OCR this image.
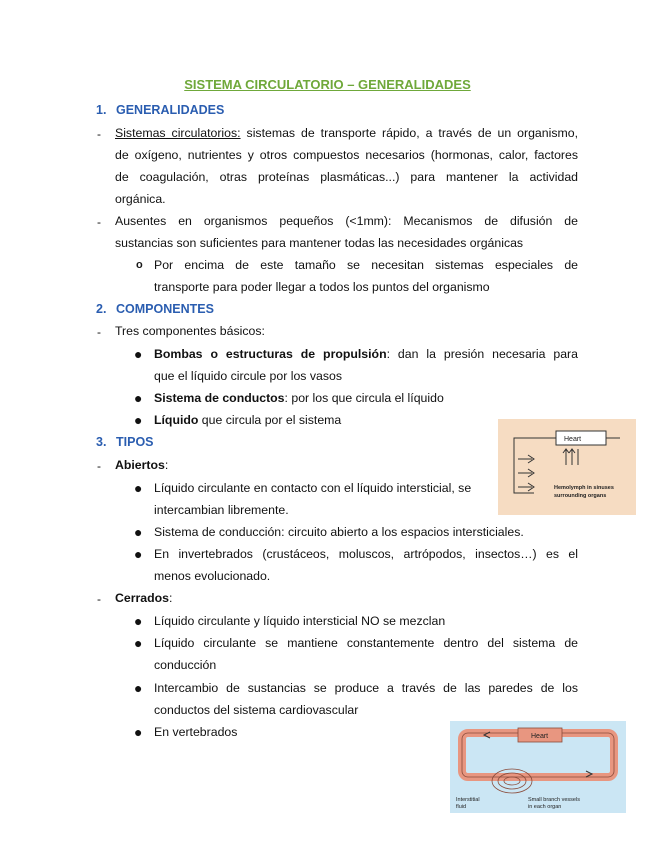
SISTEMA CIRCULATORIO – GENERALIDADES
1. GENERALIDADES
- Sistemas circulatorios: sistemas de transporte rápido, a través de un organismo,
de oxígeno, nutrientes y otros compuestos necesarios (hormonas, calor, factores
de coagulación, otras proteínas plasmáticas...) para mantener la actividad
orgánica.
- Ausentes en organismos pequeños (<1mm): Mecanismos de difusión de
sustancias son suficientes para mantener todas las necesidades orgánicas
o Por encima de este tamaño se necesitan sistemas especiales de
transporte para poder llegar a todos los puntos del organismo
2. COMPONENTES
- Tres componentes básicos:
● Bombas o estructuras de propulsión: dan la presión necesaria para
que el líquido circule por los vasos
● Sistema de conductos: por los que circula el líquido
● Líquido que circula por el sistema
3. TIPOS
- Abiertos:
● Líquido circulante en contacto con el líquido intersticial, se
intercambian libremente.
● Sistema de conducción: circuito abierto a los espacios intersticiales.
● En invertebrados (crustáceos, moluscos, artrópodos, insectos…) es el
menos evolucionado.
- Cerrados:
● Líquido circulante y líquido intersticial NO se mezclan
● Líquido circulante se mantiene constantemente dentro del sistema de
conducción
● Intercambio de sustancias se produce a través de las paredes de los
conductos del sistema cardiovascular
● En vertebrados
Heart
Hemolymph in sinuses
surrounding organs
Heart
Interstitial
fluid
Small branch vessels
in each organ
